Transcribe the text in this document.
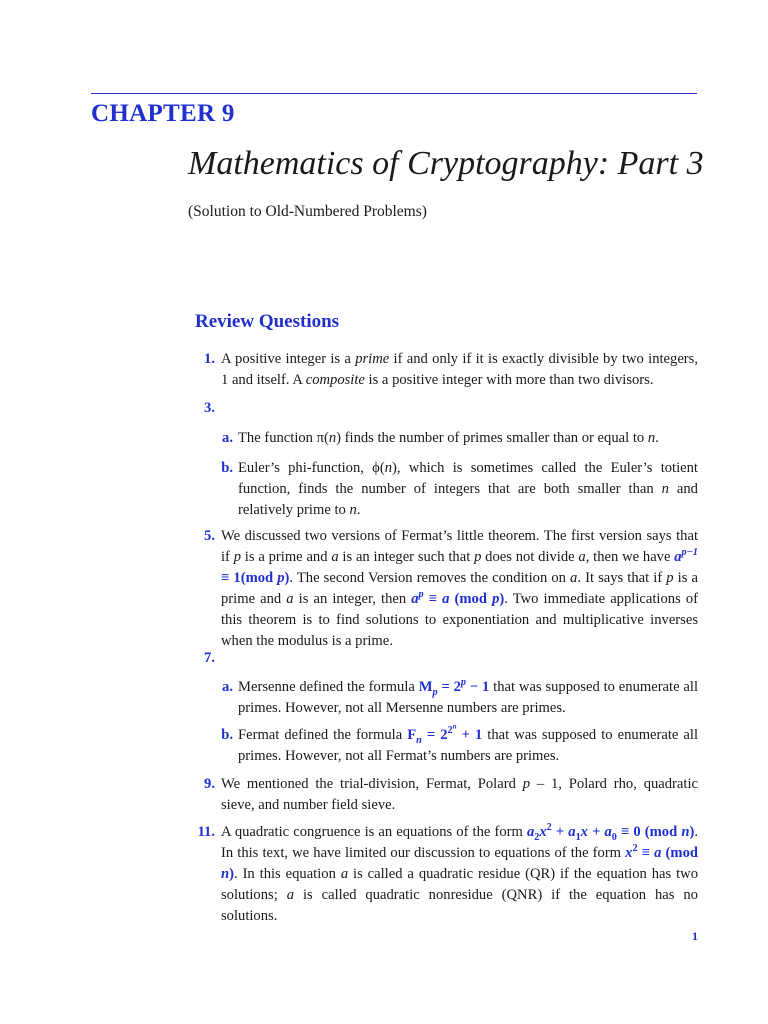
CHAPTER 9
Mathematics of Cryptography: Part 3
(Solution to Old-Numbered Problems)
Review Questions
1. A positive integer is a prime if and only if it is exactly divisible by two integers, 1 and itself. A composite is a positive integer with more than two divisors.
3.
a. The function π(n) finds the number of primes smaller than or equal to n.
b. Euler’s phi-function, ϕ(n), which is sometimes called the Euler’s totient function, finds the number of integers that are both smaller than n and relatively prime to n.
5. We discussed two versions of Fermat’s little theorem. The first version says that if p is a prime and a is an integer such that p does not divide a, then we have $a^{p-1} \equiv 1(mod$ p). The second Version removes the condition on a. It says that if p is a prime and a is an integer, then $a^p \equiv a$ (mod p). Two immediate applications of this theorem is to find solutions to exponentiation and multiplicative inverses when the modulus is a prime.
7.
a. Mersenne defined the formula $M_p = 2^p - 1$ that was supposed to enumerate all primes. However, not all Mersenne numbers are primes.
b. Fermat defined the formula $F_n = 2^{2^n} + 1$ that was supposed to enumerate all primes. However, not all Fermat’s numbers are primes.
9. We mentioned the trial-division, Fermat, Polard p – 1, Polard rho, quadratic sieve, and number field sieve.
11. A quadratic congruence is an equations of the form $a_2x^2 + a_1x + a_0 \equiv 0$ (mod n). In this text, we have limited our discussion to equations of the form $x^2 \equiv a$ (mod n). In this equation a is called a quadratic residue (QR) if the equation has two solutions; a is called quadratic nonresidue (QNR) if the equation has no solutions.
1
